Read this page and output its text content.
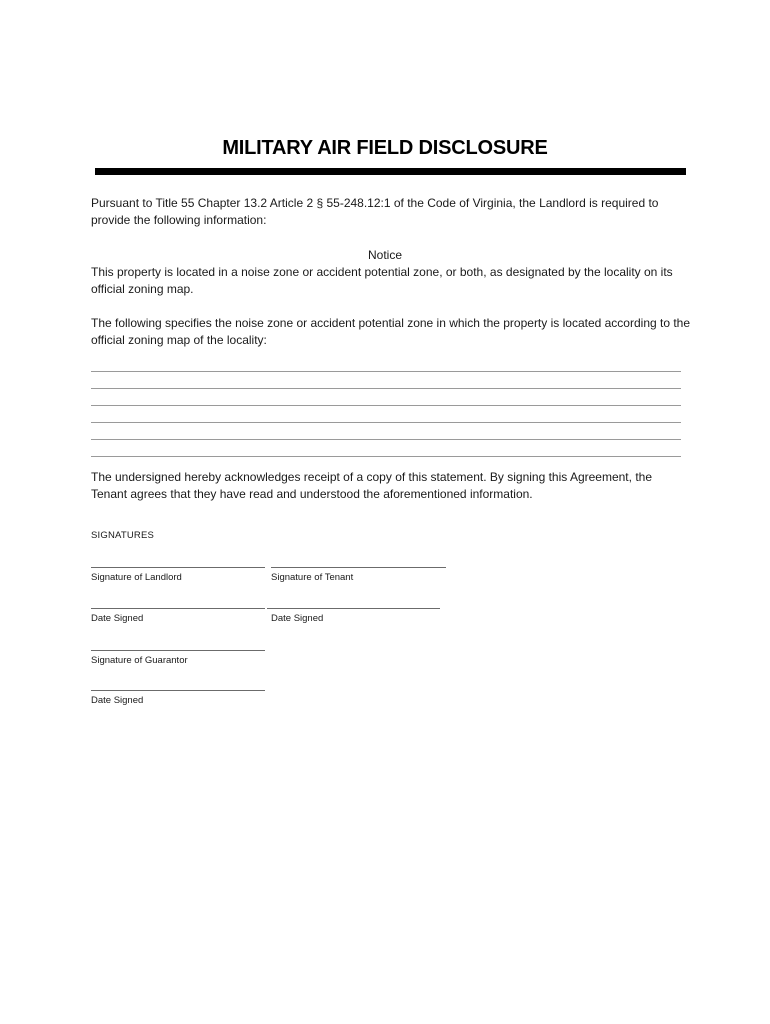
MILITARY AIR FIELD DISCLOSURE
Pursuant to Title 55 Chapter 13.2 Article 2 § 55-248.12:1 of the Code of Virginia, the Landlord is required to provide the following information:
Notice
This property is located in a noise zone or accident potential zone, or both, as designated by the locality on its official zoning map.
The following specifies the noise zone or accident potential zone in which the property is located according to the official zoning map of the locality:
The undersigned hereby acknowledges receipt of a copy of this statement. By signing this Agreement, the Tenant agrees that they have read and understood the aforementioned information.
SIGNATURES
Signature of Landlord	Signature of Tenant
Date Signed	Date Signed
Signature of Guarantor
Date Signed
